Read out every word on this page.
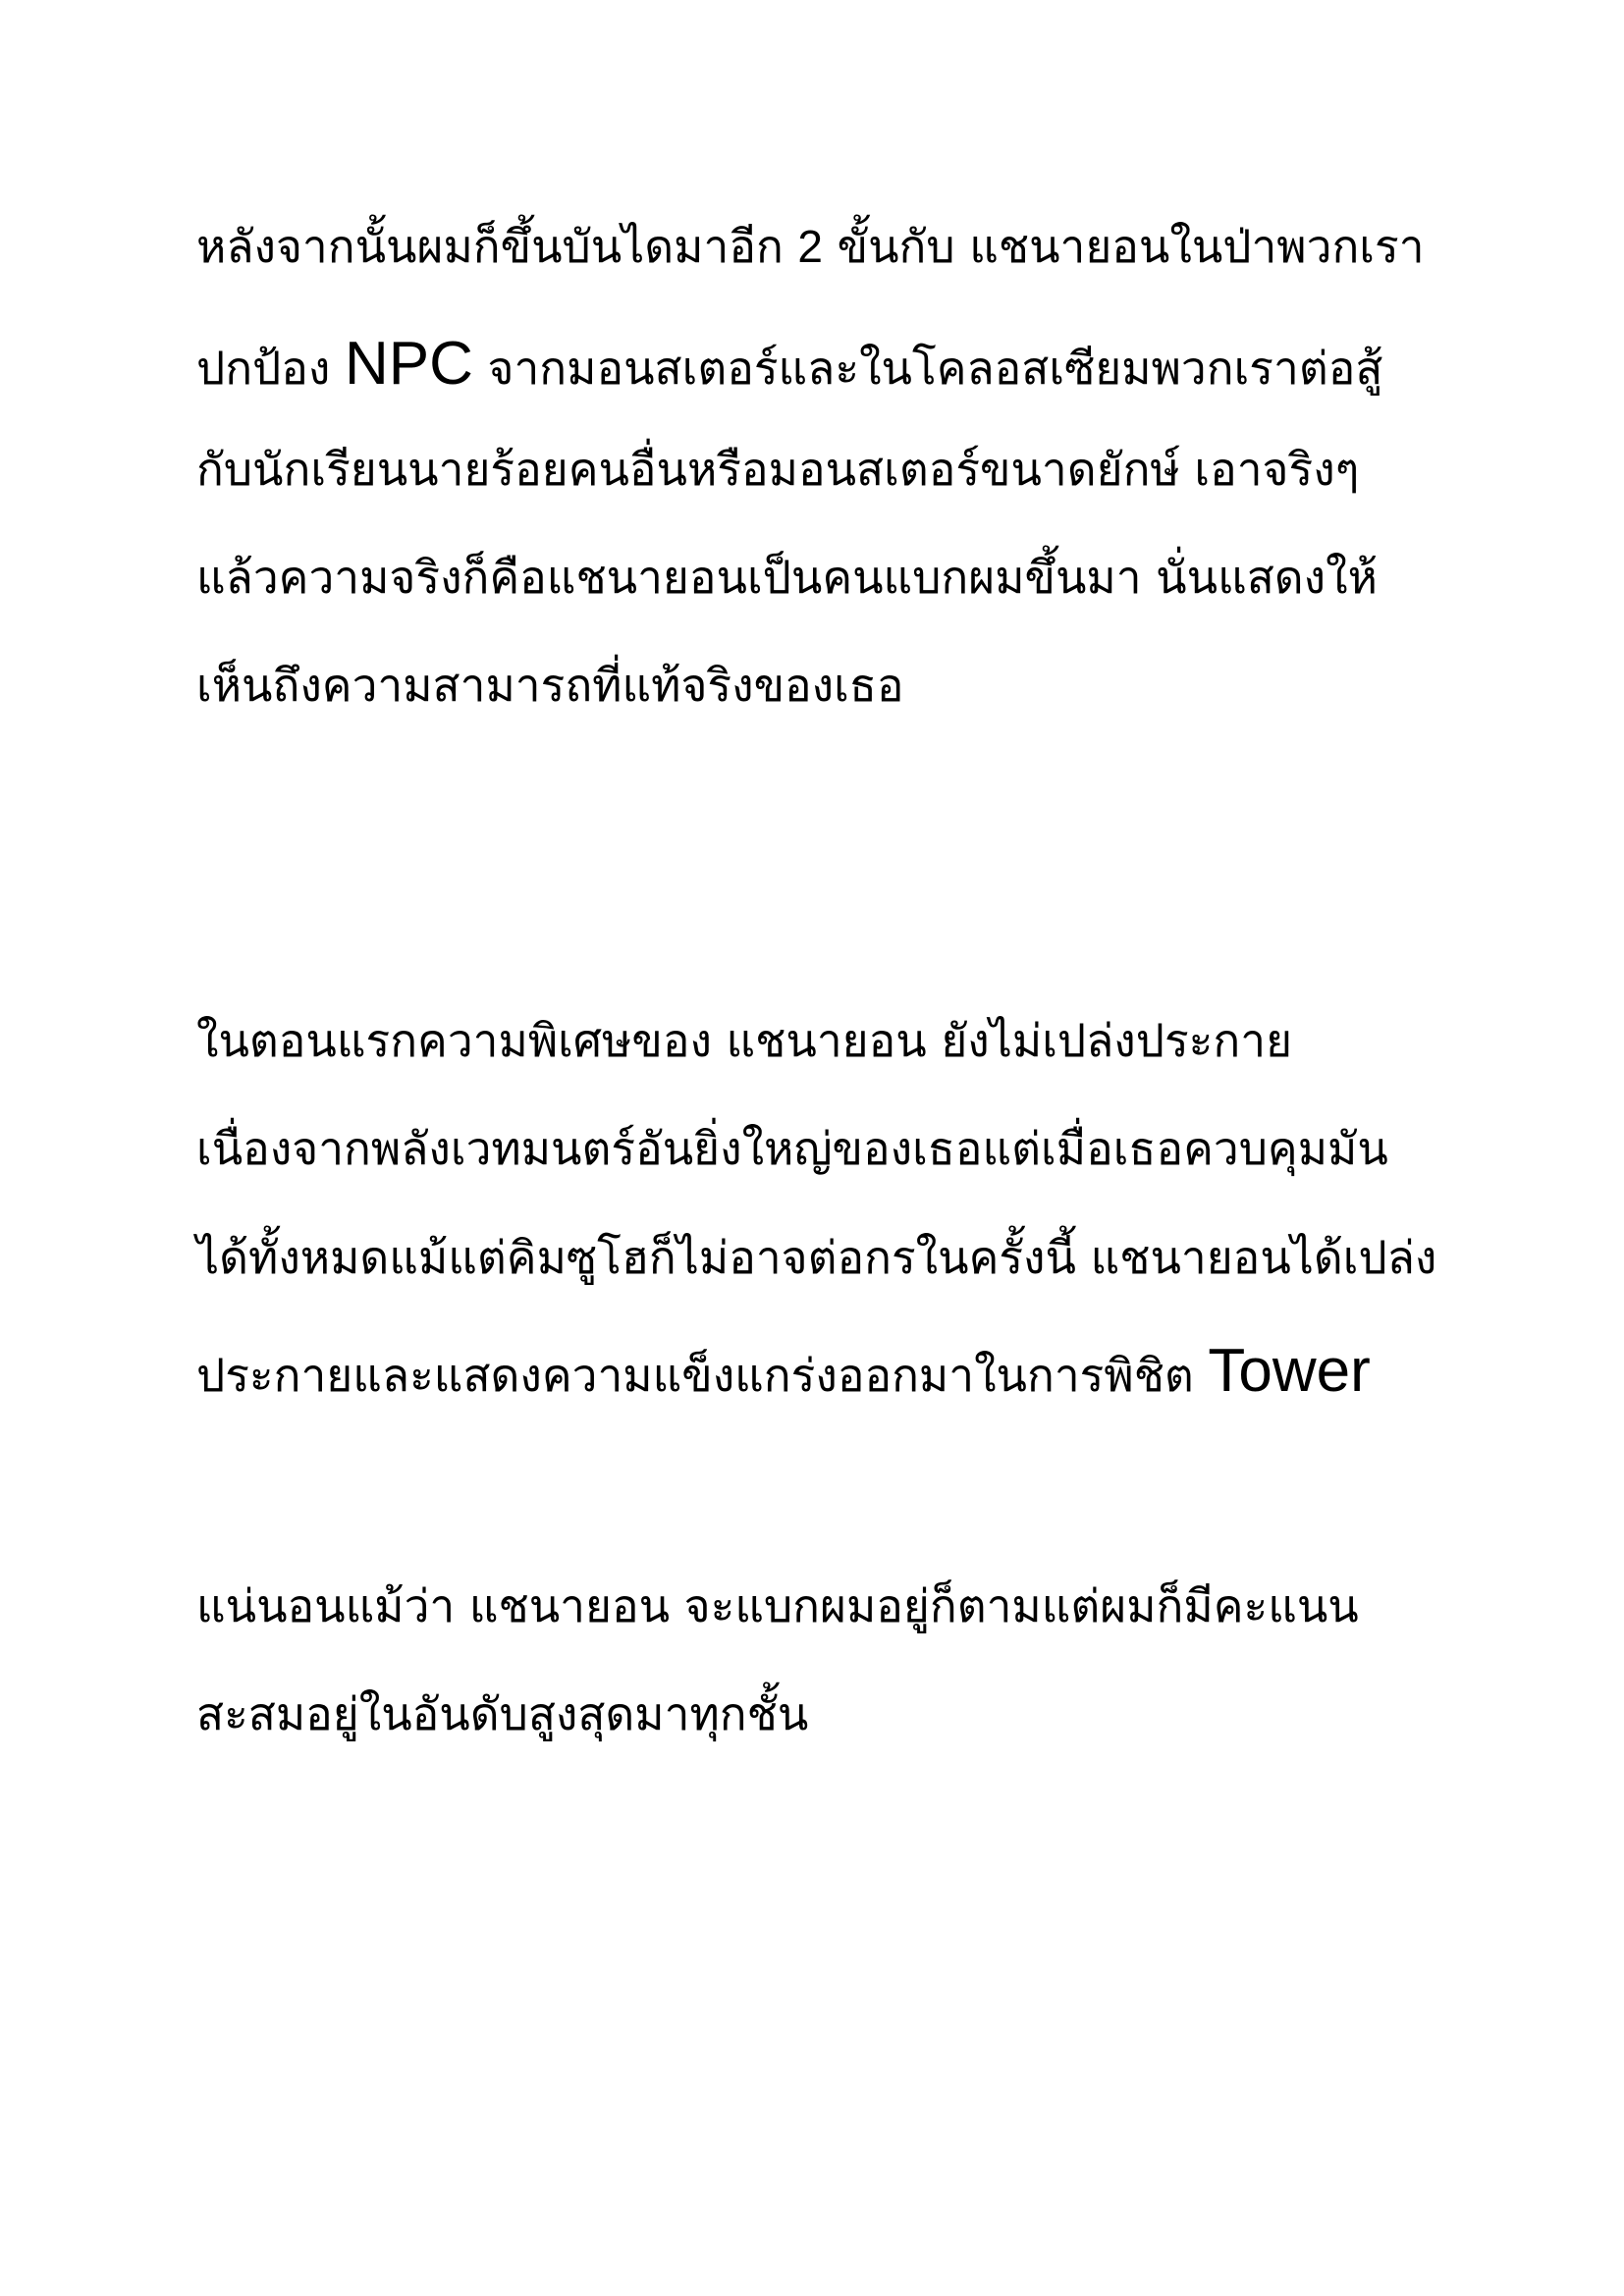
หลังจากนั้นผมก็ขึ้นบันไดมาอีก 2 ขั้นกับ แชนายอนในป่าพวกเรา
ปกป้อง NPC จากมอนสเตอร์และในโคลอสเซียมพวกเราต่อสู้
กับนักเรียนนายร้อยคนอื่นหรือมอนสเตอร์ขนาดยักษ์ เอาจริงๆ
แล้วความจริงก็คือแชนายอนเป็นคนแบกผมขึ้นมา นั่นแสดงให้
เห็นถึงความสามารถที่แท้จริงของเธอ
ในตอนแรกความพิเศษของ แชนายอน ยังไม่เปล่งประกาย
เนื่องจากพลังเวทมนตร์อันยิ่งใหญ่ของเธอแต่เมื่อเธอควบคุมมัน
ได้ทั้งหมดแม้แต่คิมซูโฮก็ไม่อาจต่อกรในครั้งนี้ แชนายอนได้เปล่ง
ประกายและแสดงความแข็งแกร่งออกมาในการพิชิต Tower
แน่นอนแม้ว่า แชนายอน จะแบกผมอยู่ก็ตามแต่ผมก็มีคะแนน
สะสมอยู่ในอันดับสูงสุดมาทุกชั้น
